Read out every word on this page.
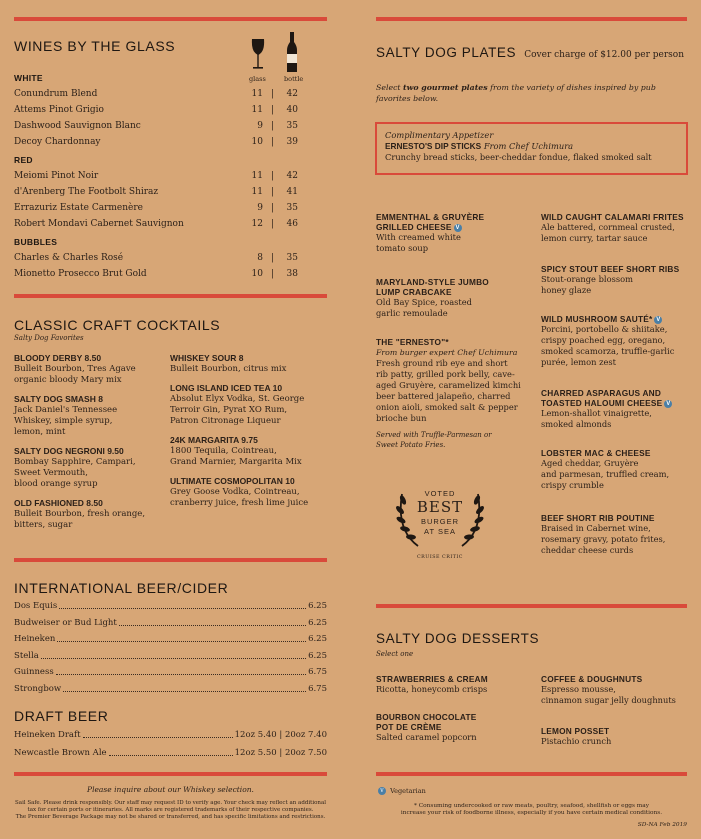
WINES BY THE GLASS
glass	bottle
WHITE
Conundrum Blend	11 |	42
Attems Pinot Grigio	11 |	40
Dashwood Sauvignon Blanc	9 |	35
Decoy Chardonnay	10 |	39
RED
Meiomi Pinot Noir	11 |	42
d'Arenberg The Footbolt Shiraz	11 |	41
Errazuriz Estate Carmenère	9 |	35
Robert Mondavi Cabernet Sauvignon	12 |	46
BUBBLES
Charles & Charles Rosé	8 |	35
Mionetto Prosecco Brut Gold	10 |	38
CLASSIC CRAFT COCKTAILS
Salty Dog Favorites
BLOODY DERBY 8.50
Bulleit Bourbon, Tres Agave
organic bloody Mary mix
SALTY DOG SMASH 8
Jack Daniel's Tennessee
Whiskey, simple syrup,
lemon, mint
SALTY DOG NEGRONI 9.50
Bombay Sapphire, Campari,
Sweet Vermouth,
blood orange syrup
OLD FASHIONED 8.50
Bulleit Bourbon, fresh orange,
bitters, sugar
WHISKEY SOUR 8
Bulleit Bourbon, citrus mix
LONG ISLAND ICED TEA 10
Absolut Elyx Vodka, St. George
Terroir Gin, Pyrat XO Rum,
Patron Citronage Liqueur
24K MARGARITA 9.75
1800 Tequila, Cointreau,
Grand Marnier, Margarita Mix
ULTIMATE COSMOPOLITAN 10
Grey Goose Vodka, Cointreau,
cranberry juice, fresh lime juice
INTERNATIONAL BEER/CIDER
Dos Equis	6.25
Budweiser or Bud Light	6.25
Heineken	6.25
Stella	6.25
Guinness	6.75
Strongbow	6.75
DRAFT BEER
Heineken Draft	12oz 5.40 | 20oz 7.40
Newcastle Brown Ale	12oz 5.50 | 20oz 7.50
Please inquire about our Whiskey selection.
Sail Safe. Please drink responsibly. Our staff may request ID to verify age. Your check may reflect an additional
tax for certain ports or itineraries. All marks are registered trademarks of their respective companies.
The Premier Beverage Package may not be shared or transferred, and has specific limitations and restrictions.
SALTY DOG PLATES Cover charge of $12.00 per person
Select two gourmet plates from the variety of dishes inspired by pub
favorites below.
Complimentary Appetizer
ERNESTO'S DIP STICKS From Chef Uchimura
Crunchy bread sticks, beer-cheddar fondue, flaked smoked salt
EMMENTHAL & GRUYÈRE
GRILLED CHEESE V
With creamed white
tomato soup
MARYLAND-STYLE JUMBO
LUMP CRABCAKE
Old Bay Spice, roasted
garlic remoulade
THE "ERNESTO"*
From burger expert Chef Uchimura
Fresh ground rib eye and short
rib patty, grilled pork belly, cave-
aged Gruyère, caramelized kimchi
beer battered jalapeño, charred
onion aioli, smoked salt & pepper
brioche bun
Served with Truffle-Parmesan or
Sweet Potato Fries.
VOTED
BEST
BURGER
AT SEA
CRUISE CRITIC
WILD CAUGHT CALAMARI FRITES
Ale battered, cornmeal crusted,
lemon curry, tartar sauce
SPICY STOUT BEEF SHORT RIBS
Stout-orange blossom
honey glaze
WILD MUSHROOM SAUTÉ* V
Porcini, portobello & shiitake,
crispy poached egg, oregano,
smoked scamorza, truffle-garlic
purée, lemon zest
CHARRED ASPARAGUS AND
TOASTED HALOUMI CHEESE V
Lemon-shallot vinaigrette,
smoked almonds
LOBSTER MAC & CHEESE
Aged cheddar, Gruyère
and parmesan, truffled cream,
crispy crumble
BEEF SHORT RIB POUTINE
Braised in Cabernet wine,
rosemary gravy, potato frites,
cheddar cheese curds
SALTY DOG DESSERTS
Select one
STRAWBERRIES & CREAM
Ricotta, honeycomb crisps
COFFEE & DOUGHNUTS
Espresso mousse,
cinnamon sugar jelly doughnuts
BOURBON CHOCOLATE
POT DE CRÈME
Salted caramel popcorn
LEMON POSSET
Pistachio crunch
v Vegetarian
* Consuming undercooked or raw meats, poultry, seafood, shellfish or eggs may
increase your risk of foodborne illness, especially if you have certain medical conditions.
SD-NA Feb 2019
